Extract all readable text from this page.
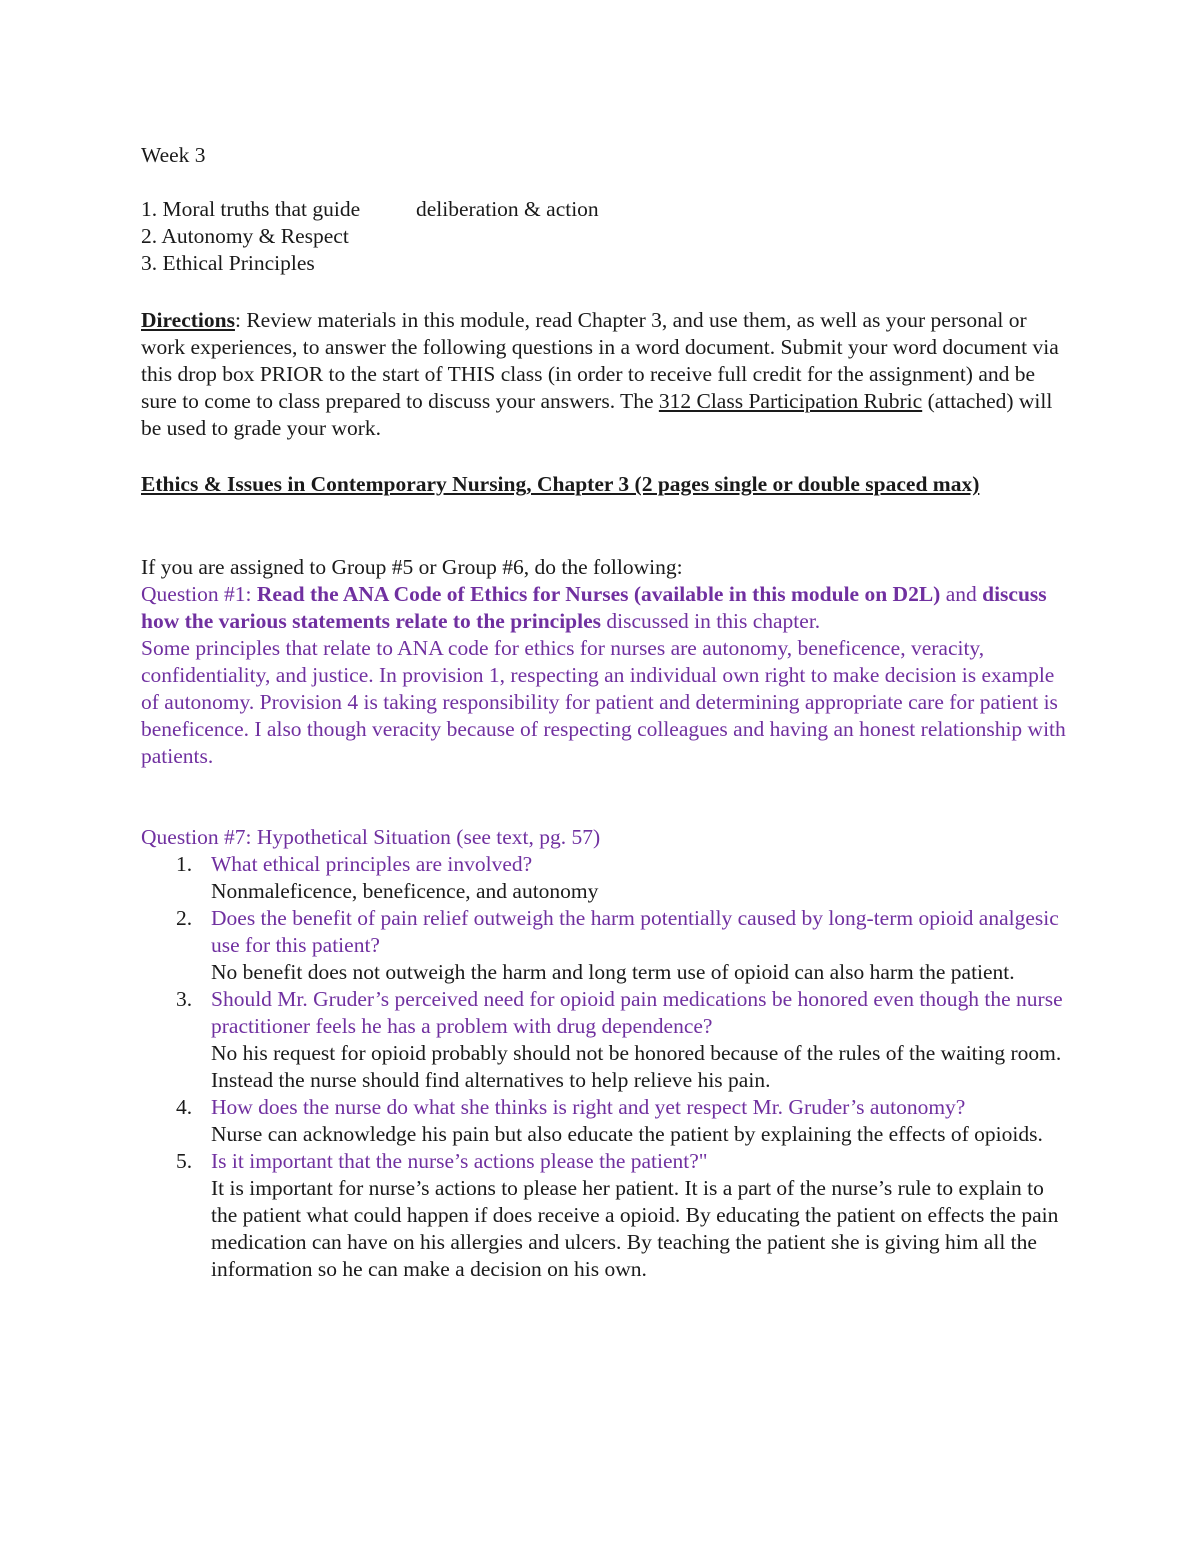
Week 3
1. Moral truths that guide	deliberation & action
2. Autonomy & Respect
3. Ethical Principles

Directions: Review materials in this module, read Chapter 3, and use them, as well as your personal or work experiences, to answer the following questions in a word document. Submit your word document via this drop box PRIOR to the start of THIS class (in order to receive full credit for the assignment) and be sure to come to class prepared to discuss your answers. The 312 Class Participation Rubric (attached) will be used to grade your work.

Ethics & Issues in Contemporary Nursing, Chapter 3 (2 pages single or double spaced max)

If you are assigned to Group #5 or Group #6, do the following:

Question #1: Read the ANA Code of Ethics for Nurses (available in this module on D2L) and discuss how the various statements relate to the principles discussed in this chapter.

Some principles that relate to ANA code for ethics for nurses are autonomy, beneficence, veracity, confidentiality, and justice. In provision 1, respecting an individual own right to make decision is example of autonomy. Provision 4 is taking responsibility for patient and determining appropriate care for patient is beneficence. I also though veracity because of respecting colleagues and having an honest relationship with patients.

Question #7: Hypothetical Situation (see text, pg. 57)
1. What ethical principles are involved?
Nonmaleficence, beneficence, and autonomy
2. Does the benefit of pain relief outweigh the harm potentially caused by long-term opioid analgesic use for this patient?
No benefit does not outweigh the harm and long term use of opioid can also harm the patient.
3. Should Mr. Gruder’s perceived need for opioid pain medications be honored even though the nurse practitioner feels he has a problem with drug dependence?
No his request for opioid probably should not be honored because of the rules of the waiting room. Instead the nurse should find alternatives to help relieve his pain.
4. How does the nurse do what she thinks is right and yet respect Mr. Gruder’s autonomy?
Nurse can acknowledge his pain but also educate the patient by explaining the effects of opioids.
5. Is it important that the nurse’s actions please the patient?"
It is important for nurse’s actions to please her patient. It is a part of the nurse’s rule to explain to the patient what could happen if does receive a opioid. By educating the patient on effects the pain medication can have on his allergies and ulcers. By teaching the patient she is giving him all the information so he can make a decision on his own.
